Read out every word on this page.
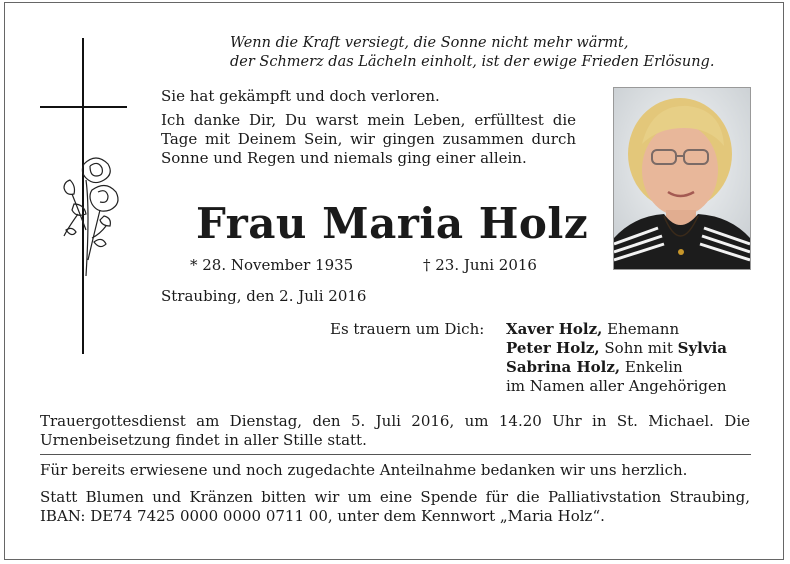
Wenn die Kraft versiegt, die Sonne nicht mehr wärmt,
der Schmerz das Lächeln einholt, ist der ewige Frieden Erlösung.
Sie hat gekämpft und doch verloren.
Ich danke Dir, Du warst mein Leben, erfülltest die Tage mit Deinem Sein, wir gingen zusammen durch Sonne und Regen und niemals ging einer allein.
Frau Maria Holz
* 28. November 1935	† 23. Juni 2016
Straubing, den 2. Juli 2016
Es trauern um Dich: Xaver Holz, Ehemann
Peter Holz, Sohn mit Sylvia
Sabrina Holz, Enkelin
im Namen aller Angehörigen
Trauergottesdienst am Dienstag, den 5. Juli 2016, um 14.20 Uhr in St. Michael. Die Urnenbeisetzung findet in aller Stille statt.
Für bereits erwiesene und noch zugedachte Anteilnahme bedanken wir uns herzlich.
Statt Blumen und Kränzen bitten wir um eine Spende für die Palliativstation Straubing, IBAN: DE74 7425 0000 0000 0711 00, unter dem Kennwort „Maria Holz“.
